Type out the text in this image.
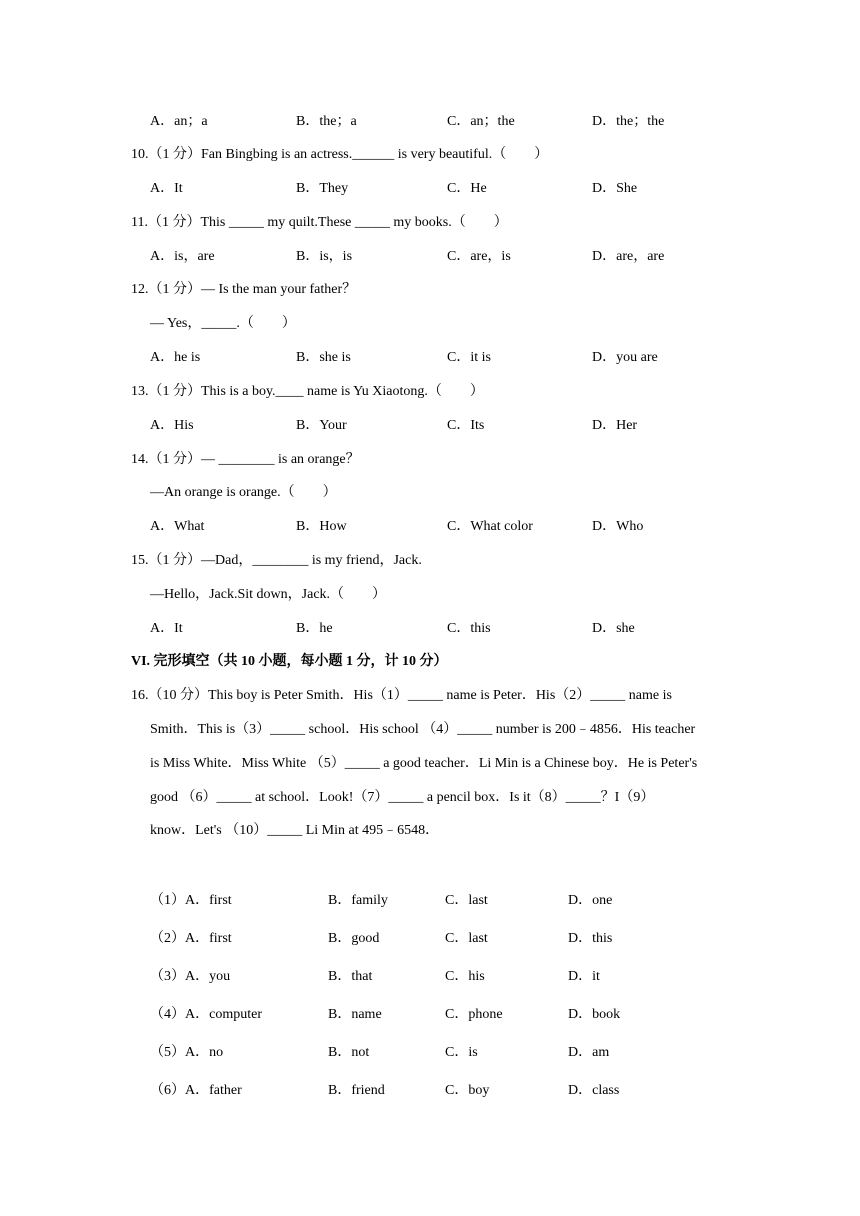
A．an；a	B．the；a	C．an；the	D．the；the
10.（1 分）Fan Bingbing is an actress.______ is very beautiful.（　　）
A．It	B．They	C．He	D．She
11.（1 分）This _____ my quilt.These _____ my books.（　　）
A．is，are	B．is，is	C．are，is	D．are，are
12.（1 分）— Is the man your father？
— Yes，_____.（　　）
A．he is	B．she is	C．it is	D．you are
13.（1 分）This is a boy.____ name is Yu Xiaotong.（　　）
A．His	B．Your	C．Its	D．Her
14.（1 分）— ________ is an orange？
—An orange is orange.（　　）
A．What	B．How	C．What color	D．Who
15.（1 分）—Dad，________ is my friend，Jack.
—Hello，Jack.Sit down，Jack.（　　）
A．It	B．he	C．this	D．she
VI. 完形填空（共 10 小题，每小题 1 分，计 10 分）
16.（10 分）This boy is Peter Smith．His（1）_____ name is Peter．His（2）_____ name is
Smith．This is（3）_____ school．His school （4）_____ number is 200﹣4856．His teacher
is Miss White．Miss White （5）_____ a good teacher．Li Min is a Chinese boy．He is Peter's
good （6）_____ at school．Look!（7）_____ a pencil box．Is it（8）_____？I（9）
know．Let's （10）_____ Li Min at 495﹣6548．
（1）A．first	B．family	C．last	D．one
（2）A．first	B．good	C．last	D．this
（3）A．you	B．that	C．his	D．it
（4）A．computer	B．name	C．phone	D．book
（5）A．no	B．not	C．is	D．am
（6）A．father	B．friend	C．boy	D．class
